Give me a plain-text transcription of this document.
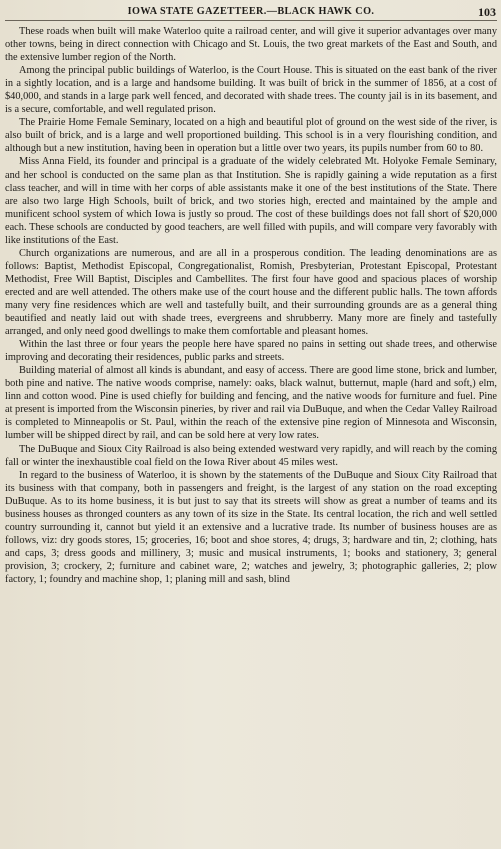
IOWA STATE GAZETTEER.—BLACK HAWK CO.	103

These roads when built will make Waterloo quite a railroad center, and will give it superior advantages over many other towns, being in direct connection with Chicago and St. Louis, the two great markets of the East and South, and the extensive lumber region of the North.

Among the principal public buildings of Waterloo, is the Court House. This is situated on the east bank of the river in a sightly location, and is a large and handsome building. It was built of brick in the summer of 1856, at a cost of $40,000, and stands in a large park well fenced, and decorated with shade trees. The county jail is in its basement, and is a secure, comfortable, and well regulated prison.

The Prairie Home Female Seminary, located on a high and beautiful plot of ground on the west side of the river, is also built of brick, and is a large and well proportioned building. This school is in a very flourishing condition, and although but a new institution, having been in operation but a little over two years, its pupils number from 60 to 80.

Miss Anna Field, its founder and principal is a graduate of the widely celebrated Mt. Holyoke Female Seminary, and her school is conducted on the same plan as that Institution. She is rapidly gaining a wide reputation as a first class teacher, and will in time with her corps of able assistants make it one of the best institutions of the State. There are also two large High Schools, built of brick, and two stories high, erected and maintained by the ample and munificent school system of which Iowa is justly so proud. The cost of these buildings does not fall short of $20,000 each. These schools are conducted by good teachers, are well filled with pupils, and will compare very favorably with like institutions of the East.

Church organizations are numerous, and are all in a prosperous condition. The leading denominations are as follows: Baptist, Methodist Episcopal, Congregationalist, Romish, Presbyterian, Protestant Episcopal, Protestant Methodist, Free Will Baptist, Disciples and Cambellites. The first four have good and spacious places of worship erected and are well attended. The others make use of the court house and the different public halls. The town affords many very fine residences which are well and tastefully built, and their surrounding grounds are as a general thing beautified and neatly laid out with shade trees, evergreens and shrubberry. Many more are finely and tastefully arranged, and only need good dwellings to make them comfortable and pleasant homes.

Within the last three or four years the people here have spared no pains in setting out shade trees, and otherwise improving and decorating their residences, public parks and streets.

Building material of almost all kinds is abundant, and easy of access. There are good lime stone, brick and lumber, both pine and native. The native woods comprise, namely: oaks, black walnut, butternut, maple (hard and soft,) elm, linn and cotton wood. Pine is used chiefly for building and fencing, and the native woods for furniture and fuel. Pine at present is imported from the Wisconsin pineries, by river and rail via DuBuque, and when the Cedar Valley Railroad is completed to Minneapolis or St. Paul, within the reach of the extensive pine region of Minnesota and Wisconsin, lumber will be shipped direct by rail, and can be sold here at very low rates.

The DuBuque and Sioux City Railroad is also being extended westward very rapidly, and will reach by the coming fall or winter the inexhaustible coal field on the Iowa River about 45 miles west.

In regard to the business of Waterloo, it is shown by the statements of the DuBuque and Sioux City Railroad that its business with that company, both in passengers and freight, is the largest of any station on the road excepting DuBuque. As to its home business, it is but just to say that its streets will show as great a number of teams and its business houses as thronged counters as any town of its size in the State. Its central location, the rich and well settled country surrounding it, cannot but yield it an extensive and a lucrative trade. Its number of business houses are as follows, viz: dry goods stores, 15; groceries, 16; boot and shoe stores, 4; drugs, 3; hardware and tin, 2; clothing, hats and caps, 3; dress goods and millinery, 3; music and musical instruments, 1; books and stationery, 3; general provision, 3; crockery, 2; furniture and cabinet ware, 2; watches and jewelry, 3; photographic galleries, 2; plow factory, 1; foundry and machine shop, 1; planing mill and sash, blind
